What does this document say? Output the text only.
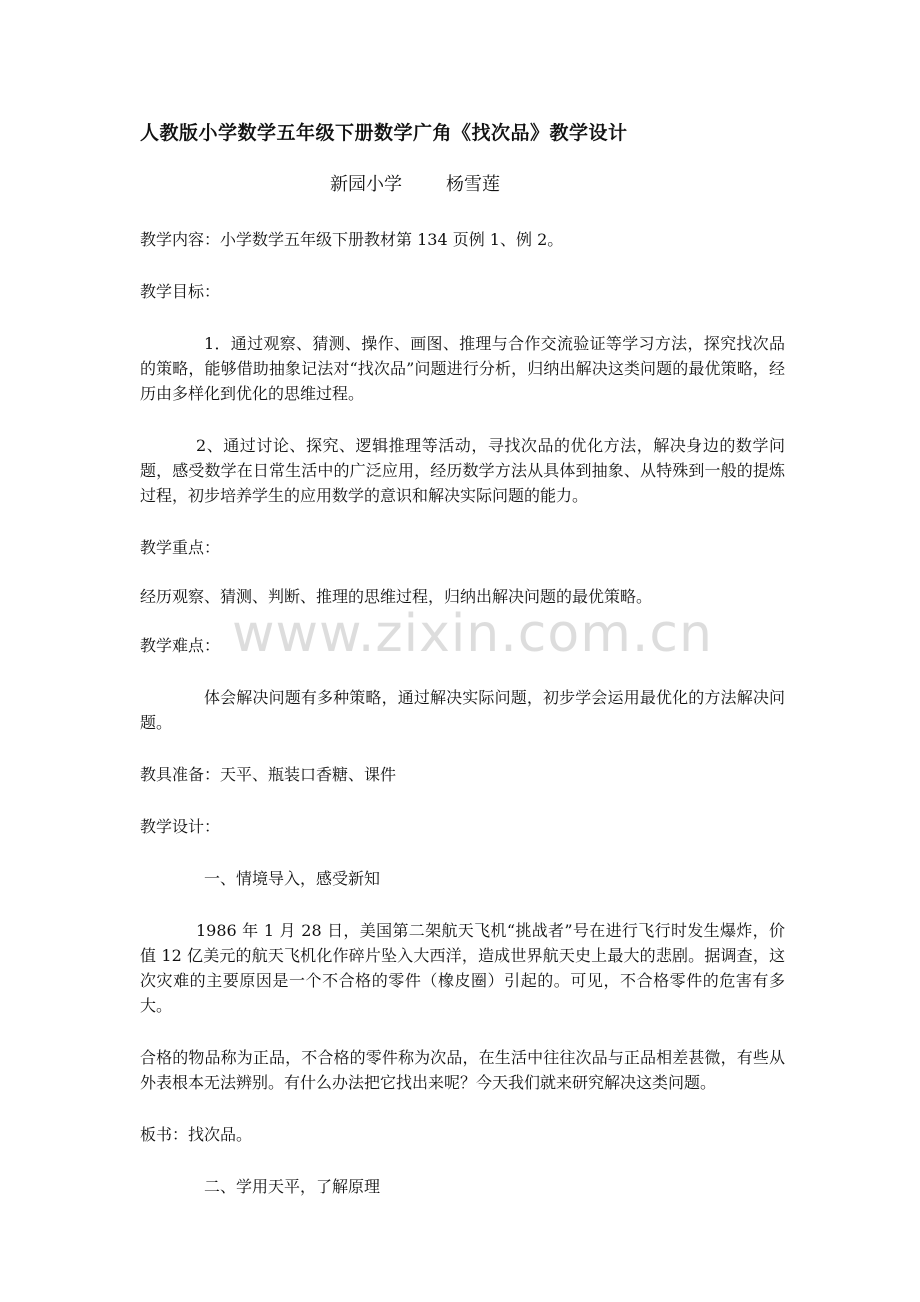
人教版小学数学五年级下册数学广角《找次品》教学设计
新园小学 杨雪莲

教学内容：小学数学五年级下册教材第 134 页例 1、例 2。

教学目标：

1．通过观察、猜测、操作、画图、推理与合作交流验证等学习方法，探究找次品的策略，能够借助抽象记法对“找次品”问题进行分析，归纳出解决这类问题的最优策略，经历由多样化到优化的思维过程。

2、通过讨论、探究、逻辑推理等活动，寻找次品的优化方法，解决身边的数学问题，感受数学在日常生活中的广泛应用，经历数学方法从具体到抽象、从特殊到一般的提炼过程，初步培养学生的应用数学的意识和解决实际问题的能力。

教学重点：

经历观察、猜测、判断、推理的思维过程，归纳出解决问题的最优策略。

教学难点：

体会解决问题有多种策略，通过解决实际问题，初步学会运用最优化的方法解决问题。

教具准备：天平、瓶装口香糖、课件

教学设计：

一、情境导入，感受新知

1986 年 1 月 28 日，美国第二架航天飞机“挑战者”号在进行飞行时发生爆炸，价值 12 亿美元的航天飞机化作碎片坠入大西洋，造成世界航天史上最大的悲剧。据调查，这次灾难的主要原因是一个不合格的零件（橡皮圈）引起的。可见，不合格零件的危害有多大。

合格的物品称为正品，不合格的零件称为次品，在生活中往往次品与正品相差甚微，有些从外表根本无法辨别。有什么办法把它找出来呢？今天我们就来研究解决这类问题。

板书：找次品。

二、学用天平，了解原理

www.zixin.com.cn
